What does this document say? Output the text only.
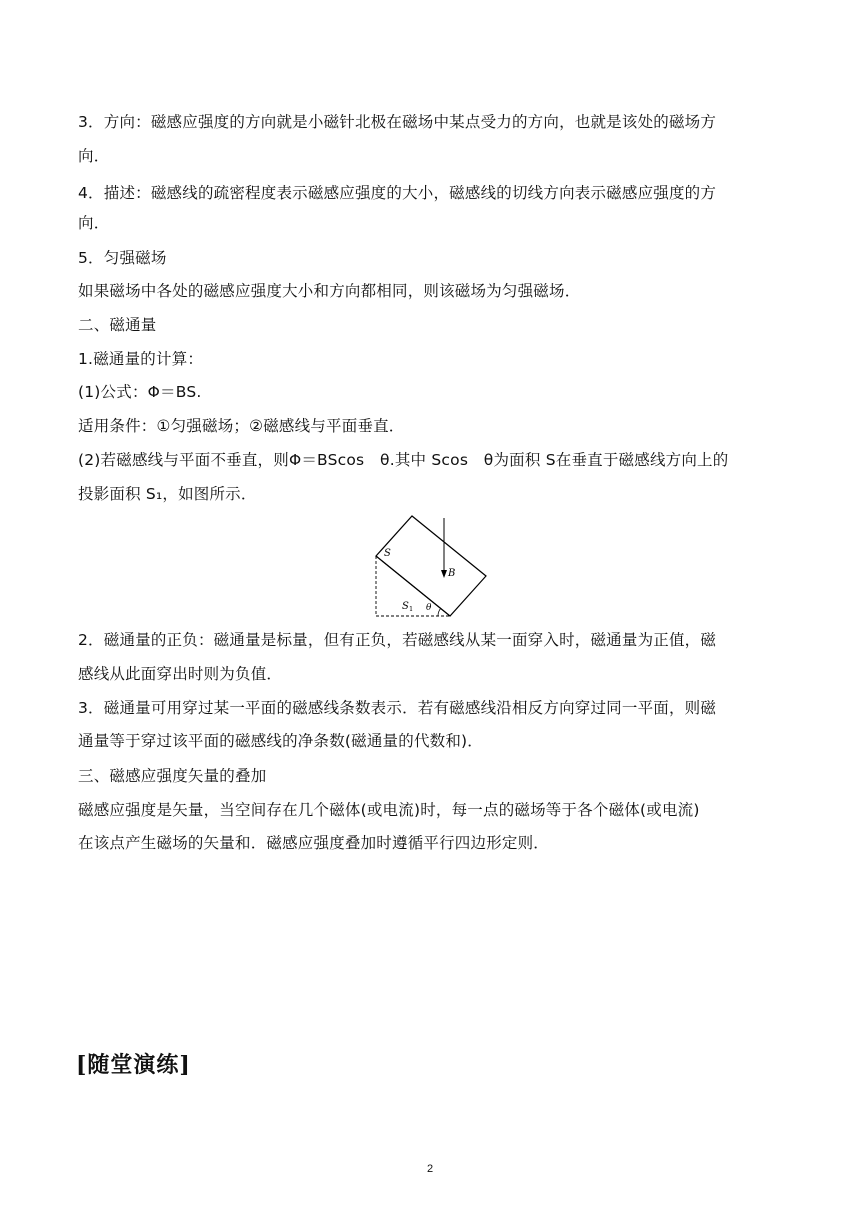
3．方向：磁感应强度的方向就是小磁针北极在磁场中某点受力的方向，也就是该处的磁场方
向．
4．描述：磁感线的疏密程度表示磁感应强度的大小，磁感线的切线方向表示磁感应强度的方
向．
5．匀强磁场
如果磁场中各处的磁感应强度大小和方向都相同，则该磁场为匀强磁场．
二、磁通量
1.磁通量的计算：
(1)公式：Φ＝BS.
适用条件：①匀强磁场；②磁感线与平面垂直．
(2)若磁感线与平面不垂直，则Φ＝BScos　θ.其中 Scos　θ为面积 S在垂直于磁感线方向上的
投影面积 S₁，如图所示．
S
B
S 1 θ
2．磁通量的正负：磁通量是标量，但有正负，若磁感线从某一面穿入时，磁通量为正值，磁
感线从此面穿出时则为负值．
3．磁通量可用穿过某一平面的磁感线条数表示．若有磁感线沿相反方向穿过同一平面，则磁
通量等于穿过该平面的磁感线的净条数(磁通量的代数和)．
三、磁感应强度矢量的叠加
磁感应强度是矢量，当空间存在几个磁体(或电流)时，每一点的磁场等于各个磁体(或电流)
在该点产生磁场的矢量和．磁感应强度叠加时遵循平行四边形定则．
[随堂演练]
2
